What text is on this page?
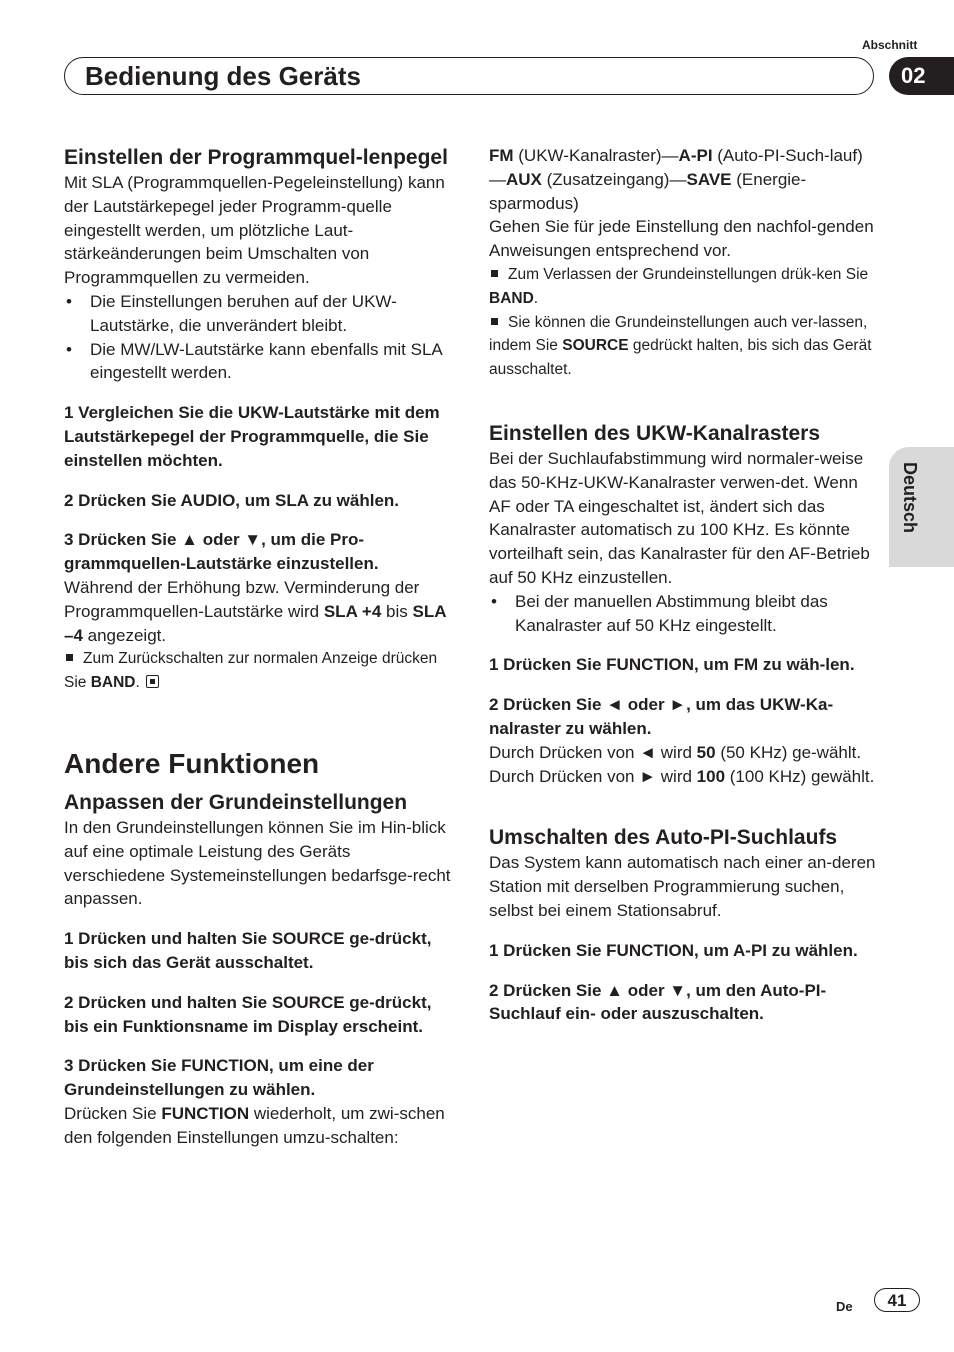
Abschnitt
Bedienung des Geräts	02
Deutsch

Einstellen der Programmquel-lenpegel

Mit SLA (Programmquellen-Pegeleinstellung) kann der Lautstärkepegel jeder Programm-quelle eingestellt werden, um plötzliche Laut-stärkeänderungen beim Umschalten von Programmquellen zu vermeiden.

• Die Einstellungen beruhen auf der UKW-Lautstärke, die unverändert bleibt.

• Die MW/LW-Lautstärke kann ebenfalls mit SLA eingestellt werden.

1 Vergleichen Sie die UKW-Lautstärke mit dem Lautstärkepegel der Programmquelle, die Sie einstellen möchten.

2 Drücken Sie AUDIO, um SLA zu wählen.

3 Drücken Sie ▲ oder ▼, um die Pro-grammquellen-Lautstärke einzustellen.

Während der Erhöhung bzw. Verminderung der Programmquellen-Lautstärke wird SLA +4 bis SLA –4 angezeigt.

Zum Zurückschalten zur normalen Anzeige drücken Sie BAND.

Andere Funktionen

Anpassen der Grundeinstellungen

In den Grundeinstellungen können Sie im Hin-blick auf eine optimale Leistung des Geräts verschiedene Systemeinstellungen bedarfsge-recht anpassen.

1 Drücken und halten Sie SOURCE ge-drückt, bis sich das Gerät ausschaltet.

2 Drücken und halten Sie SOURCE ge-drückt, bis ein Funktionsname im Display erscheint.

3 Drücken Sie FUNCTION, um eine der Grundeinstellungen zu wählen.

Drücken Sie FUNCTION wiederholt, um zwi-schen den folgenden Einstellungen umzu-schalten:

FM (UKW-Kanalraster)—A-PI (Auto-PI-Such-lauf)—AUX (Zusatzeingang)—SAVE (Energie-sparmodus)

Gehen Sie für jede Einstellung den nachfol-genden Anweisungen entsprechend vor.

Zum Verlassen der Grundeinstellungen drük-ken Sie BAND.

Sie können die Grundeinstellungen auch ver-lassen, indem Sie SOURCE gedrückt halten, bis sich das Gerät ausschaltet.

Einstellen des UKW-Kanalrasters

Bei der Suchlaufabstimmung wird normaler-weise das 50-KHz-UKW-Kanalraster verwen-det. Wenn AF oder TA eingeschaltet ist, ändert sich das Kanalraster automatisch zu 100 KHz. Es könnte vorteilhaft sein, das Kanalraster für den AF-Betrieb auf 50 KHz einzustellen.

• Bei der manuellen Abstimmung bleibt das Kanalraster auf 50 KHz eingestellt.

1 Drücken Sie FUNCTION, um FM zu wäh-len.

2 Drücken Sie ◄ oder ►, um das UKW-Ka-nalraster zu wählen.

Durch Drücken von ◄ wird 50 (50 KHz) ge-wählt. Durch Drücken von ► wird 100 (100 KHz) gewählt.

Umschalten des Auto-PI-Suchlaufs

Das System kann automatisch nach einer an-deren Station mit derselben Programmierung suchen, selbst bei einem Stationsabruf.

1 Drücken Sie FUNCTION, um A-PI zu wählen.

2 Drücken Sie ▲ oder ▼, um den Auto-PI-Suchlauf ein- oder auszuschalten.

De	41
